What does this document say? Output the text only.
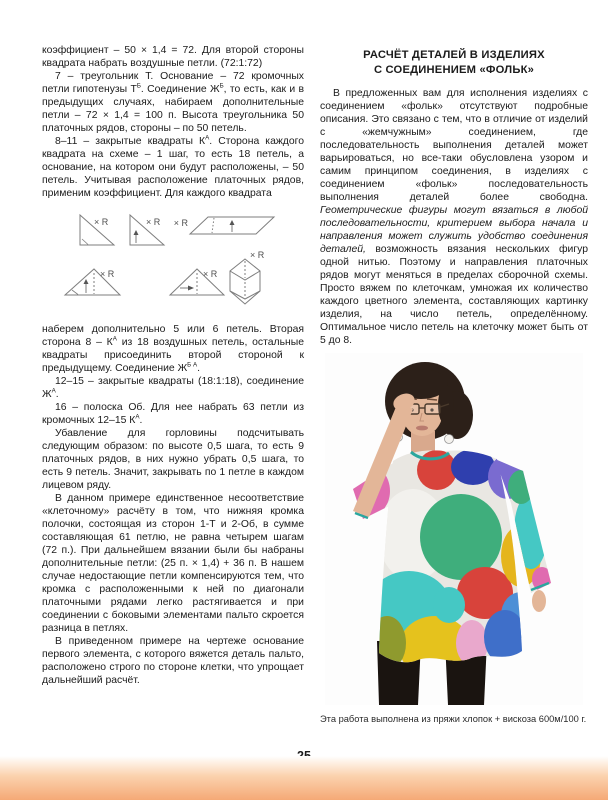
коэффициент – 50 × 1,4 = 72. Для второй стороны квадрата набрать воздушные петли. (72:1:72)

7 – треугольник Т. Основание – 72 кромочных петли гипотенузы $Т^Б$. Соединение $Ж^Б$, то есть, как и в предыдущих случаях, набираем дополнительные петли – 72 × 1,4 = 100 п. Высота треугольника 50 платочных рядов, стороны – по 50 петель.

8–11 – закрытые квадраты $К^А$. Сторона каждого квадрата на схеме – 1 шаг, то есть 18 петель, а основание, на котором они будут расположены, – 50 петель. Учитывая расположение платочных рядов, применим коэффициент. Для каждого квадрата

× R	× R × R
× R	× R
× R

наберем дополнительно 5 или 6 петель. Вторая сторона $8 - К^А$ из 18 воздушных петель, остальные квадраты присоединить второй стороной к предыдущему. Соединение $Ж^{Б А}$.

12–15 – закрытые квадраты (18:1:18), соединение $Ж^А$.

16 – полоска Об. Для нее набрать 63 петли из кромочных 12–15 $К^А$.

Убавление для горловины подсчитывать следующим образом: по высоте 0,5 шага, то есть 9 платочных рядов, в них нужно убрать 0,5 шага, то есть 9 петель. Значит, закрывать по 1 петле в каждом лицевом ряду.

В данном примере единственное несоответствие «клеточному» расчёту в том, что нижняя кромка полочки, состоящая из сторон 1-Т и 2-Об, в сумме составляющая 61 петлю, не равна четырем шагам (72 п.). При дальнейшем вязании были бы набраны дополнительные петли: (25 п. × 1,4) + 36 п. В нашем случае недостающие петли компенсируются тем, что кромка с расположенными к ней по диагонали платочными рядами легко растягивается и при соединении с боковыми элементами пальто скроется разница в петлях.

В приведенном примере на чертеже основание первого элемента, с которого вяжется деталь пальто, расположено строго по стороне клетки, что упрощает дальнейший расчёт.

РАСЧЁТ ДЕТАЛЕЙ В ИЗДЕЛИЯХ
С СОЕДИНЕНИЕМ «ФОЛЬК»

В предложенных вам для исполнения изделиях с соединением «фольк» отсутствуют подробные описания. Это связано с тем, что в отличие от изделий с «жемчужным» соединением, где последовательность выполнения деталей может варьироваться, но все-таки обусловлена узором и самим принципом соединения, в изделиях с соединением «фольк» последовательность выполнения деталей более свободна. Геометрические фигуры могут вязаться в любой последовательности, критерием выбора начала и направления может служить удобство соединения деталей, возможность вязания нескольких фигур одной нитью. Поэтому и направления платочных рядов могут меняться в пределах сборочной схемы. Просто вяжем по клеточкам, умножая их количество каждого цветного элемента, составляющих картинку изделия, на число петель, определённому. Оптимальное число петель на клеточку может быть от 5 до 8.

Эта работа выполнена из пряжи хлопок + вискоза 600м/100 г.
